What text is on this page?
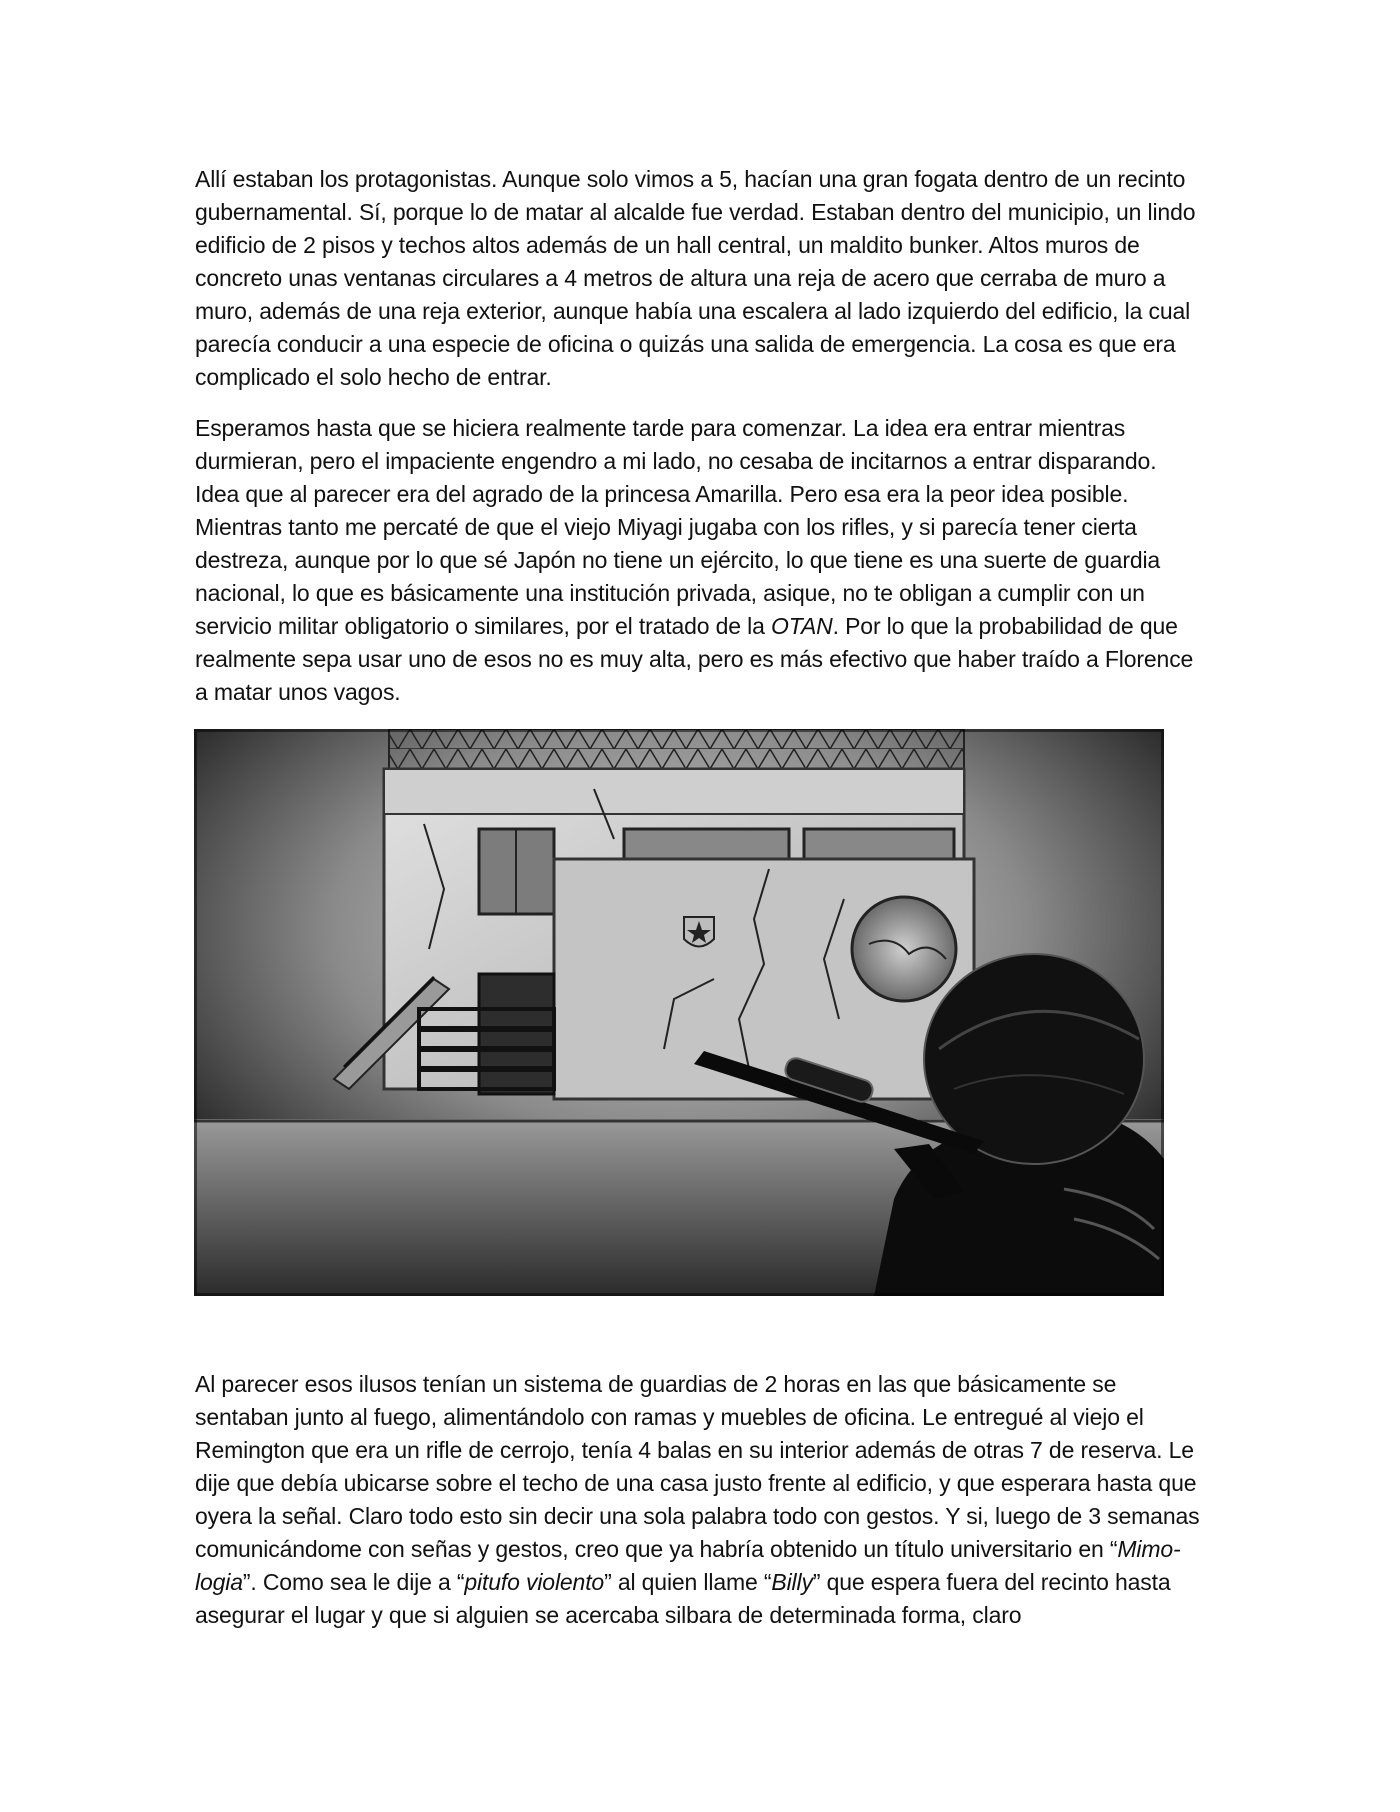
Allí estaban los protagonistas. Aunque solo vimos a 5, hacían una gran fogata dentro de un recinto gubernamental. Sí, porque lo de matar al alcalde fue verdad. Estaban dentro del municipio, un lindo edificio de 2 pisos y techos altos además de un hall central, un maldito bunker. Altos muros de concreto unas ventanas circulares a 4 metros de altura una reja de acero que cerraba de muro a muro, además de una reja exterior, aunque había una escalera al lado izquierdo del edificio, la cual parecía conducir a una especie de oficina o quizás una salida de emergencia. La cosa es que era complicado el solo hecho de entrar.

Esperamos hasta que se hiciera realmente tarde para comenzar. La idea era entrar mientras durmieran, pero el impaciente engendro a mi lado, no cesaba de incitarnos a entrar disparando. Idea que al parecer era del agrado de la princesa Amarilla. Pero esa era la peor idea posible. Mientras tanto me percaté de que el viejo Miyagi jugaba con los rifles, y si parecía tener cierta destreza, aunque por lo que sé Japón no tiene un ejército, lo que tiene es una suerte de guardia nacional, lo que es básicamente una institución privada, asique, no te obligan a cumplir con un servicio militar obligatorio o similares, por el tratado de la OTAN. Por lo que la probabilidad de que realmente sepa usar uno de esos no es muy alta, pero es más efectivo que haber traído a Florence a matar unos vagos.

Al parecer esos ilusos tenían un sistema de guardias de 2 horas en las que básicamente se sentaban junto al fuego, alimentándolo con ramas y muebles de oficina. Le entregué al viejo el Remington que era un rifle de cerrojo, tenía 4 balas en su interior además de otras 7 de reserva. Le dije que debía ubicarse sobre el techo de una casa justo frente al edificio, y que esperara hasta que oyera la señal. Claro todo esto sin decir una sola palabra todo con gestos. Y si, luego de 3 semanas comunicándome con señas y gestos, creo que ya habría obtenido un título universitario en “Mimo-logia”. Como sea le dije a “pitufo violento” al quien llame “Billy” que espera fuera del recinto hasta asegurar el lugar y que si alguien se acercaba silbara de determinada forma, claro
